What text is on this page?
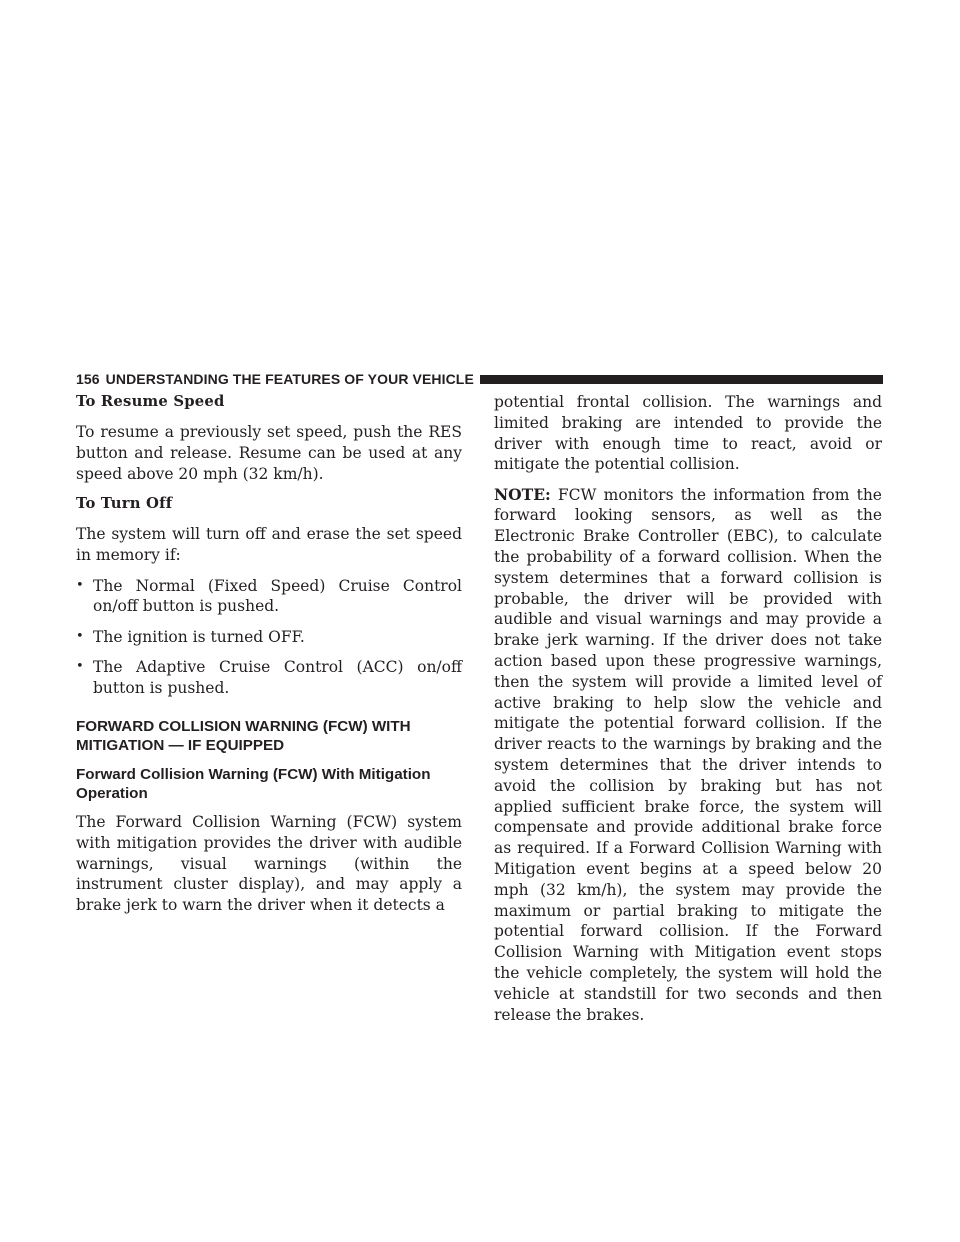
156 UNDERSTANDING THE FEATURES OF YOUR VEHICLE
To Resume Speed

To resume a previously set speed, push the RES button and release. Resume can be used at any speed above 20 mph (32 km/h).

To Turn Off

The system will turn off and erase the set speed in memory if:

• The Normal (Fixed Speed) Cruise Control on/off button is pushed.
• The ignition is turned OFF.
• The Adaptive Cruise Control (ACC) on/off button is pushed.
FORWARD COLLISION WARNING (FCW) WITH MITIGATION — IF EQUIPPED
Forward Collision Warning (FCW) With Mitigation Operation

The Forward Collision Warning (FCW) system with mitigation provides the driver with audible warnings, visual warnings (within the instrument cluster display), and may apply a brake jerk to warn the driver when it detects a

potential frontal collision. The warnings and limited braking are intended to provide the driver with enough time to react, avoid or mitigate the potential collision.

NOTE: FCW monitors the information from the forward looking sensors, as well as the Electronic Brake Controller (EBC), to calculate the probability of a forward collision. When the system determines that a forward collision is probable, the driver will be provided with audible and visual warnings and may provide a brake jerk warning. If the driver does not take action based upon these progressive warnings, then the system will provide a limited level of active braking to help slow the vehicle and mitigate the potential forward collision. If the driver reacts to the warnings by braking and the system determines that the driver intends to avoid the collision by braking but has not applied sufficient brake force, the system will compensate and provide additional brake force as required. If a Forward Collision Warning with Mitigation event begins at a speed below 20 mph (32 km/h), the system may provide the maximum or partial braking to mitigate the potential forward collision. If the Forward Collision Warning with Mitigation event stops the vehicle completely, the system will hold the vehicle at standstill for two seconds and then release the brakes.
